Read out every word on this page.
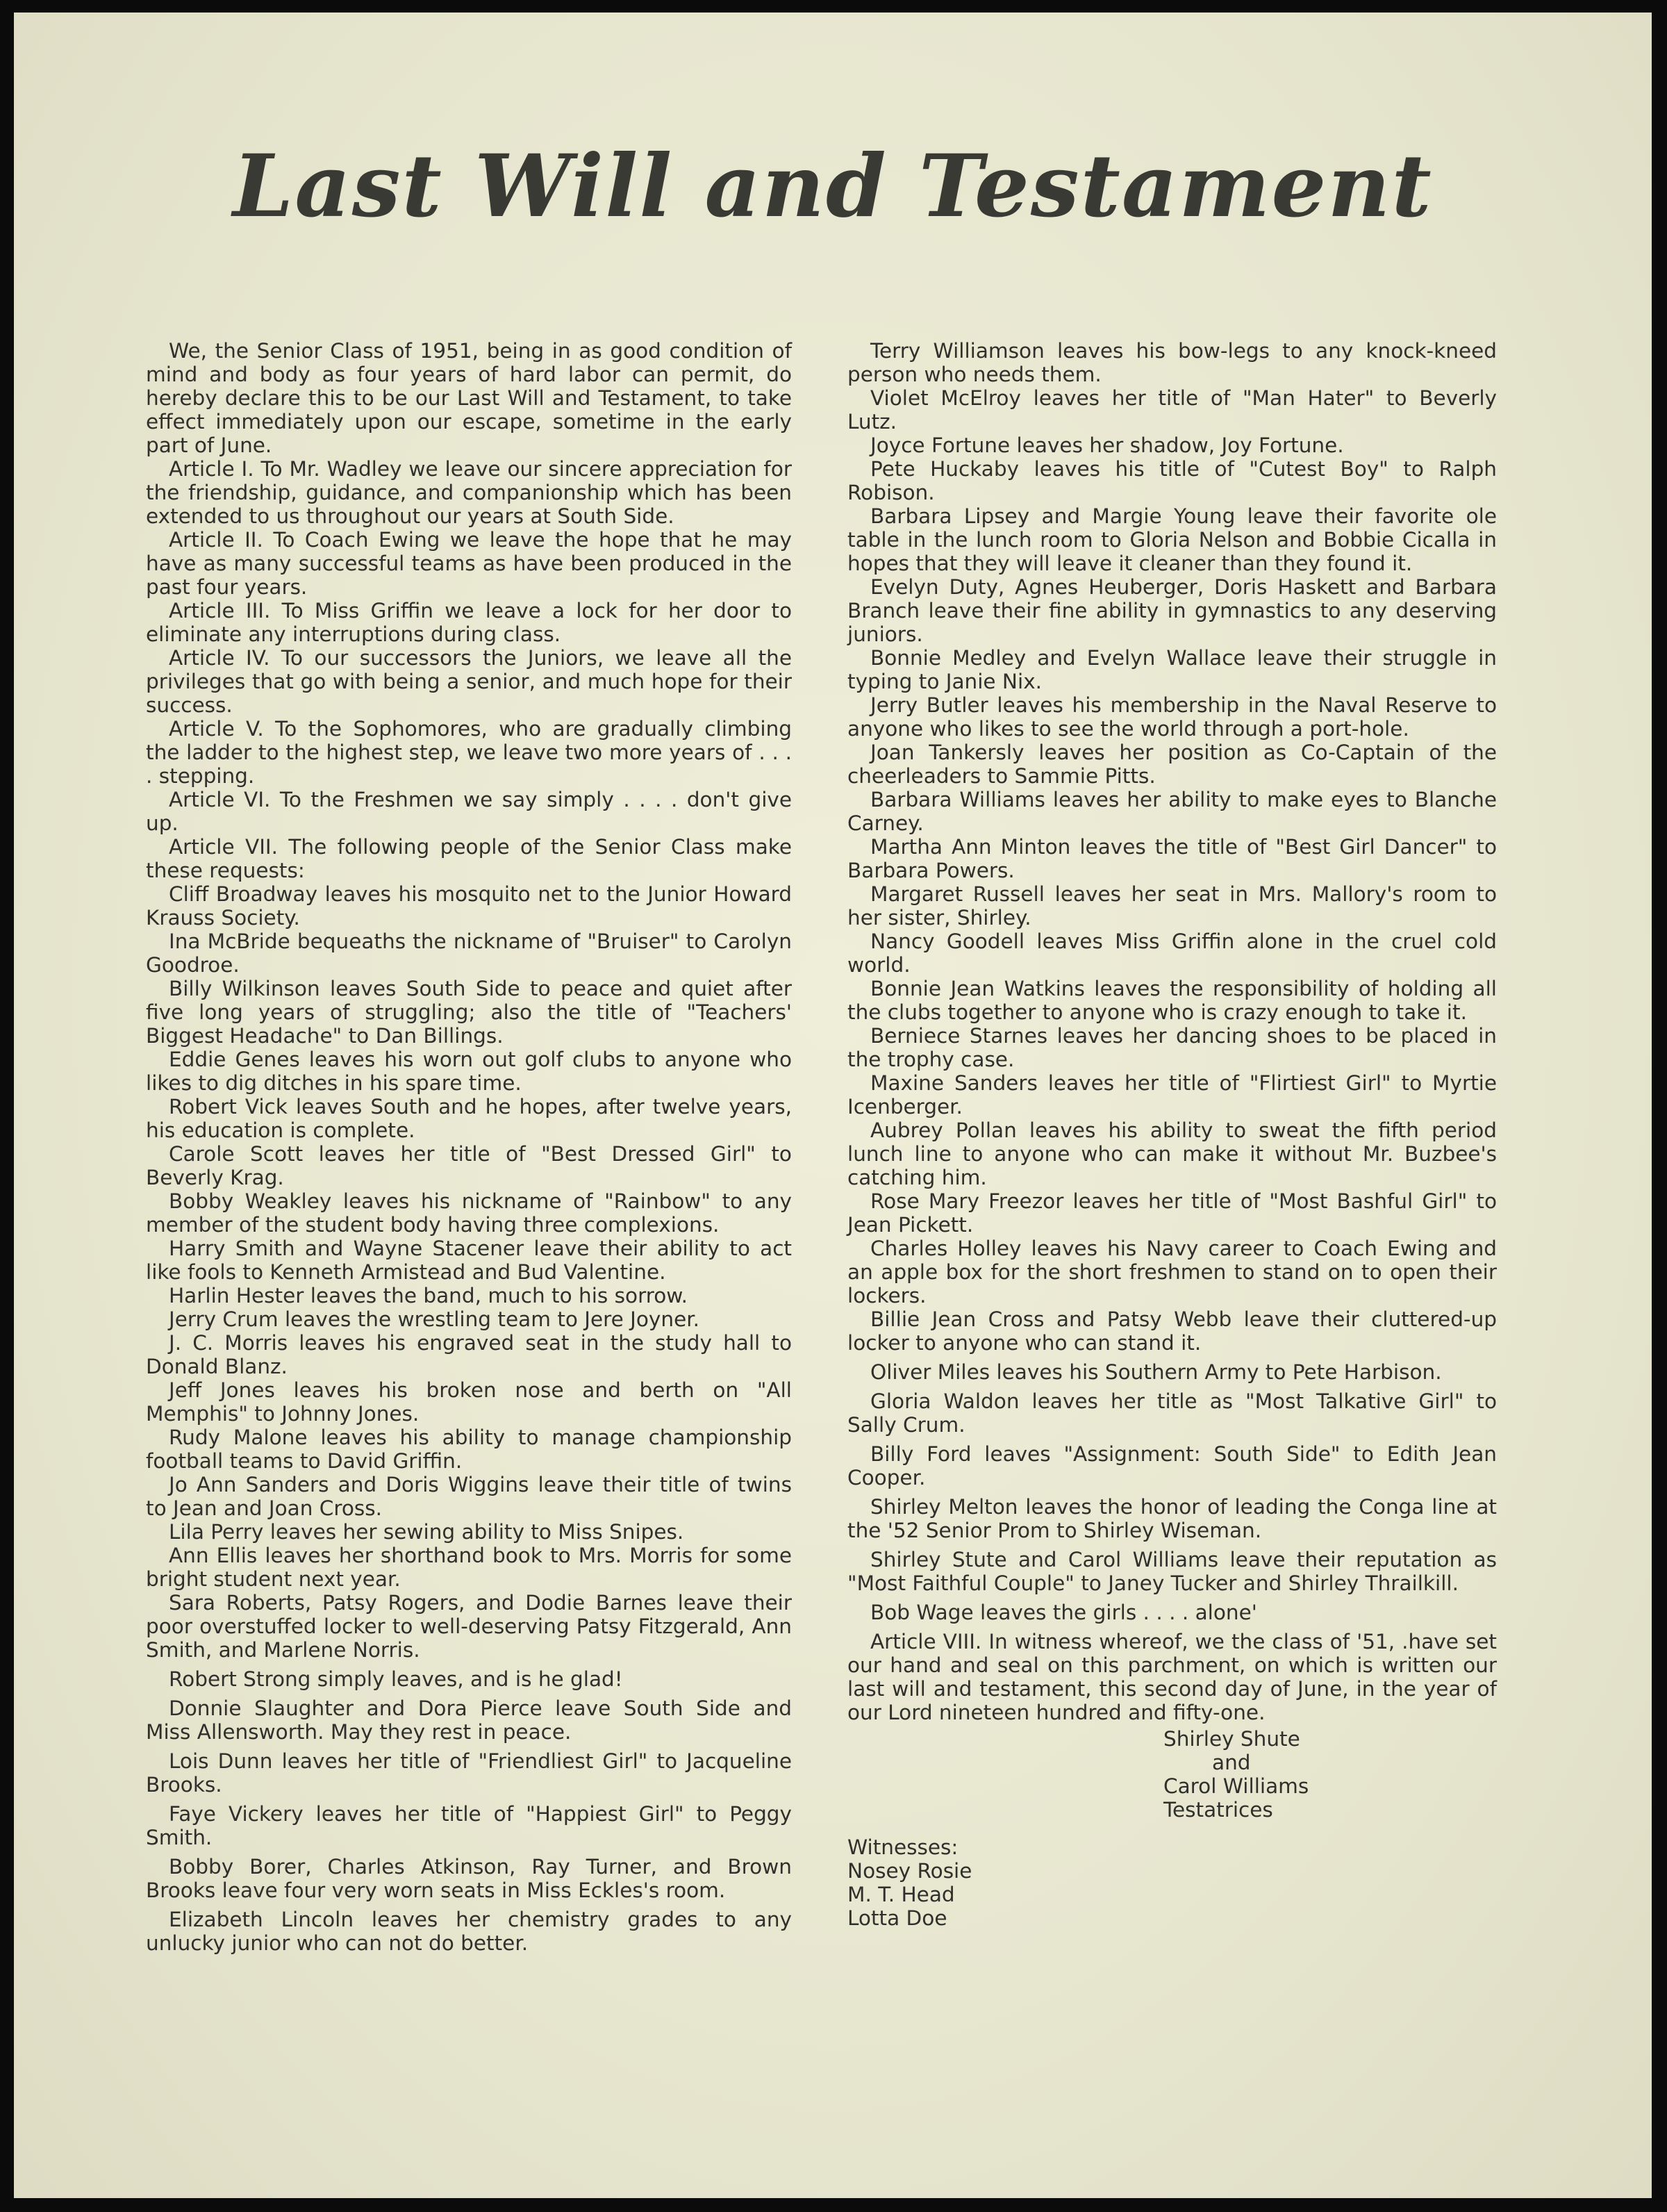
Last Will and Testament

We, the Senior Class of 1951, being in as good condition of mind and body as four years of hard labor can permit, do hereby declare this to be our Last Will and Testament, to take effect immediately upon our escape, sometime in the early part of June.

Article I. To Mr. Wadley we leave our sincere appreciation for the friendship, guidance, and companionship which has been extended to us throughout our years at South Side.

Article II. To Coach Ewing we leave the hope that he may have as many successful teams as have been produced in the past four years.

Article III. To Miss Griffin we leave a lock for her door to eliminate any interruptions during class.

Article IV. To our successors the Juniors, we leave all the privileges that go with being a senior, and much hope for their success.

Article V. To the Sophomores, who are gradually climbing the ladder to the highest step, we leave two more years of . . . . stepping.

Article VI. To the Freshmen we say simply . . . . don't give up.

Article VII. The following people of the Senior Class make these requests:

Cliff Broadway leaves his mosquito net to the Junior Howard Krauss Society.

Ina McBride bequeaths the nickname of "Bruiser" to Carolyn Goodroe.

Billy Wilkinson leaves South Side to peace and quiet after five long years of struggling; also the title of "Teachers' Biggest Headache" to Dan Billings.

Eddie Genes leaves his worn out golf clubs to anyone who likes to dig ditches in his spare time.

Robert Vick leaves South and he hopes, after twelve years, his education is complete.

Carole Scott leaves her title of "Best Dressed Girl" to Beverly Krag.

Bobby Weakley leaves his nickname of "Rainbow" to any member of the student body having three complexions.

Harry Smith and Wayne Stacener leave their ability to act like fools to Kenneth Armistead and Bud Valentine.

Harlin Hester leaves the band, much to his sorrow.

Jerry Crum leaves the wrestling team to Jere Joyner.

J. C. Morris leaves his engraved seat in the study hall to Donald Blanz.

Jeff Jones leaves his broken nose and berth on "All Memphis" to Johnny Jones.

Rudy Malone leaves his ability to manage championship football teams to David Griffin.

Jo Ann Sanders and Doris Wiggins leave their title of twins to Jean and Joan Cross.

Lila Perry leaves her sewing ability to Miss Snipes.

Ann Ellis leaves her shorthand book to Mrs. Morris for some bright student next year.

Sara Roberts, Patsy Rogers, and Dodie Barnes leave their poor overstuffed locker to well-deserving Patsy Fitzgerald, Ann Smith, and Marlene Norris.

Robert Strong simply leaves, and is he glad!

Donnie Slaughter and Dora Pierce leave South Side and Miss Allensworth. May they rest in peace.

Lois Dunn leaves her title of "Friendliest Girl" to Jacqueline Brooks.

Faye Vickery leaves her title of "Happiest Girl" to Peggy Smith.

Bobby Borer, Charles Atkinson, Ray Turner, and Brown Brooks leave four very worn seats in Miss Eckles's room.

Elizabeth Lincoln leaves her chemistry grades to any unlucky junior who can not do better.

Terry Williamson leaves his bow-legs to any knock-kneed person who needs them.

Violet McElroy leaves her title of "Man Hater" to Beverly Lutz.

Joyce Fortune leaves her shadow, Joy Fortune.

Pete Huckaby leaves his title of "Cutest Boy" to Ralph Robison.

Barbara Lipsey and Margie Young leave their favorite ole table in the lunch room to Gloria Nelson and Bobbie Cicalla in hopes that they will leave it cleaner than they found it.

Evelyn Duty, Agnes Heuberger, Doris Haskett and Barbara Branch leave their fine ability in gymnastics to any deserving juniors.

Bonnie Medley and Evelyn Wallace leave their struggle in typing to Janie Nix.

Jerry Butler leaves his membership in the Naval Reserve to anyone who likes to see the world through a port-hole.

Joan Tankersly leaves her position as Co-Captain of the cheerleaders to Sammie Pitts.

Barbara Williams leaves her ability to make eyes to Blanche Carney.

Martha Ann Minton leaves the title of "Best Girl Dancer" to Barbara Powers.

Margaret Russell leaves her seat in Mrs. Mallory's room to her sister, Shirley.

Nancy Goodell leaves Miss Griffin alone in the cruel cold world.

Bonnie Jean Watkins leaves the responsibility of holding all the clubs together to anyone who is crazy enough to take it.

Berniece Starnes leaves her dancing shoes to be placed in the trophy case.

Maxine Sanders leaves her title of "Flirtiest Girl" to Myrtie Icenberger.

Aubrey Pollan leaves his ability to sweat the fifth period lunch line to anyone who can make it without Mr. Buzbee's catching him.

Rose Mary Freezor leaves her title of "Most Bashful Girl" to Jean Pickett.

Charles Holley leaves his Navy career to Coach Ewing and an apple box for the short freshmen to stand on to open their lockers.

Billie Jean Cross and Patsy Webb leave their cluttered-up locker to anyone who can stand it.

Oliver Miles leaves his Southern Army to Pete Harbison.

Gloria Waldon leaves her title as "Most Talkative Girl" to Sally Crum.

Billy Ford leaves "Assignment: South Side" to Edith Jean Cooper.

Shirley Melton leaves the honor of leading the Conga line at the '52 Senior Prom to Shirley Wiseman.

Shirley Stute and Carol Williams leave their reputation as "Most Faithful Couple" to Janey Tucker and Shirley Thrailkill.

Bob Wage leaves the girls . . . . alone'

Article VIII. In witness whereof, we the class of '51, .have set our hand and seal on this parchment, on which is written our last will and testament, this second day of June, in the year of our Lord nineteen hundred and fifty-one.

Shirley Shute
and
Carol Williams
Testatrices
Witnesses:
Nosey Rosie
M. T. Head
Lotta Doe
